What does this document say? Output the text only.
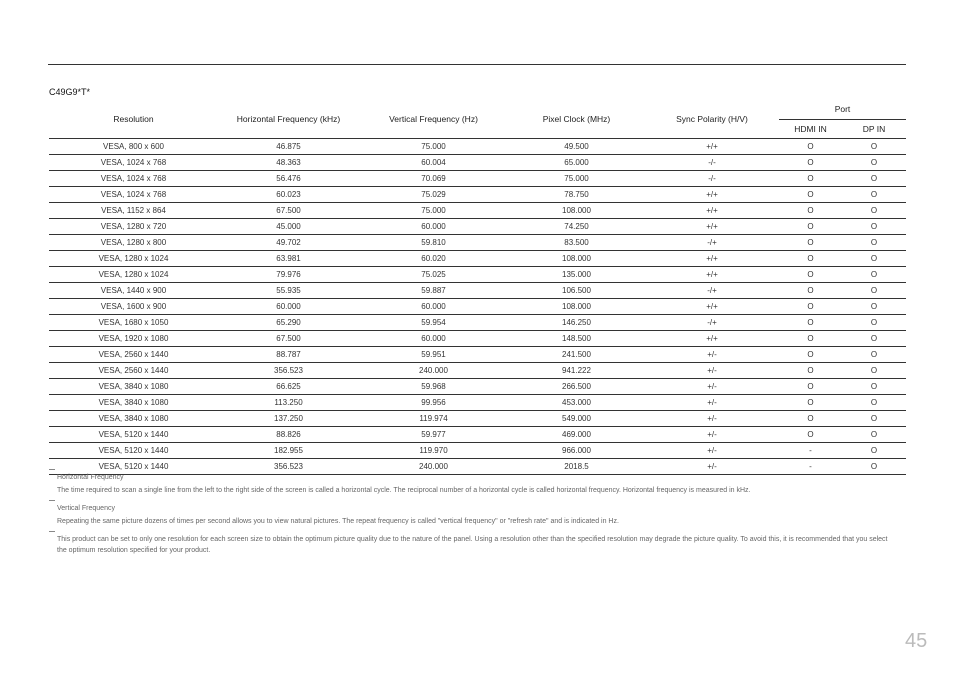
C49G9*T*
Resolution	Horizontal Frequency (kHz)	Vertical Frequency (Hz)	Pixel Clock (MHz)	Sync Polarity (H/V)	Port	
					HDMI IN	DP IN
VESA, 800 x 600	46.875	75.000	49.500	+/+	O	O
VESA, 1024 x 768	48.363	60.004	65.000	-/-	O	O
VESA, 1024 x 768	56.476	70.069	75.000	-/-	O	O
VESA, 1024 x 768	60.023	75.029	78.750	+/+	O	O
VESA, 1152 x 864	67.500	75.000	108.000	+/+	O	O
VESA, 1280 x 720	45.000	60.000	74.250	+/+	O	O
VESA, 1280 x 800	49.702	59.810	83.500	-/+	O	O
VESA, 1280 x 1024	63.981	60.020	108.000	+/+	O	O
VESA, 1280 x 1024	79.976	75.025	135.000	+/+	O	O
VESA, 1440 x 900	55.935	59.887	106.500	-/+	O	O
VESA, 1600 x 900	60.000	60.000	108.000	+/+	O	O
VESA, 1680 x 1050	65.290	59.954	146.250	-/+	O	O
VESA, 1920 x 1080	67.500	60.000	148.500	+/+	O	O
VESA, 2560 x 1440	88.787	59.951	241.500	+/-	O	O
VESA, 2560 x 1440	356.523	240.000	941.222	+/-	O	O
VESA, 3840 x 1080	66.625	59.968	266.500	+/-	O	O
VESA, 3840 x 1080	113.250	99.956	453.000	+/-	O	O
VESA, 3840 x 1080	137.250	119.974	549.000	+/-	O	O
VESA, 5120 x 1440	88.826	59.977	469.000	+/-	O	O
VESA, 5120 x 1440	182.955	119.970	966.000	+/-	-	O
VESA, 5120 x 1440	356.523	240.000	2018.5	+/-	-	O
Horizontal Frequency
The time required to scan a single line from the left to the right side of the screen is called a horizontal cycle. The reciprocal number of a horizontal cycle is called horizontal frequency. Horizontal frequency is measured in kHz.
Vertical Frequency
Repeating the same picture dozens of times per second allows you to view natural pictures. The repeat frequency is called "vertical frequency" or "refresh rate" and is indicated in Hz.
This product can be set to only one resolution for each screen size to obtain the optimum picture quality due to the nature of the panel. Using a resolution other than the specified resolution may degrade the picture quality. To avoid this, it is recommended that you select the optimum resolution specified for your product.
45
